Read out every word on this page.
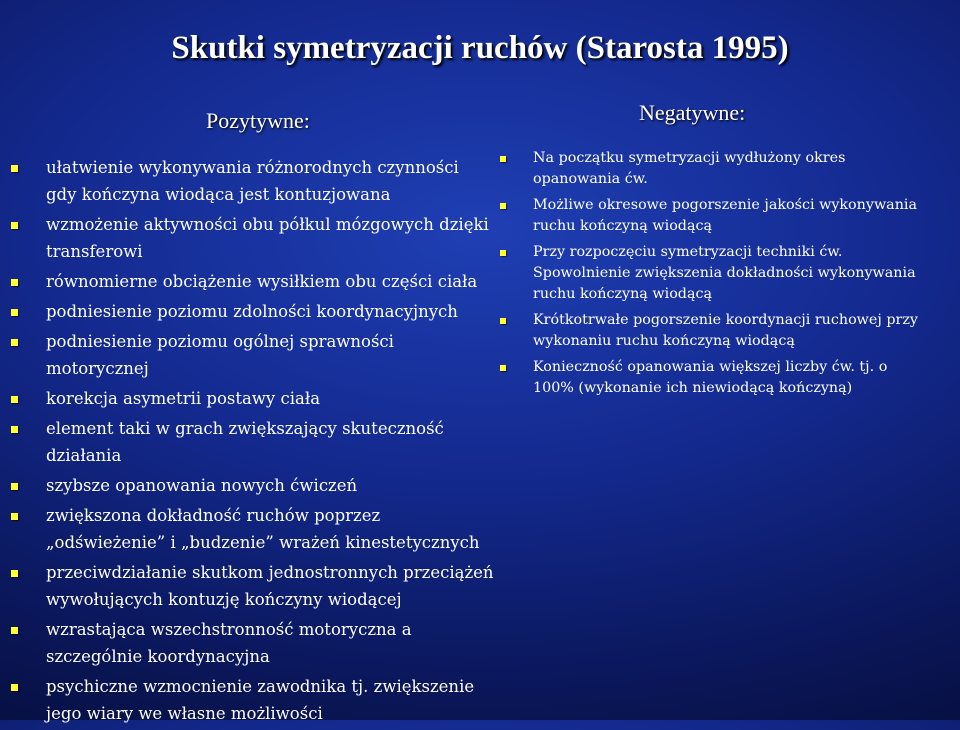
Skutki symetryzacji ruchów (Starosta 1995)
Pozytywne:
ułatwienie wykonywania różnorodnych czynności
gdy kończyna wiodąca jest kontuzjowana
wzmożenie aktywności obu półkul mózgowych dzięki
transferowi
równomierne obciążenie wysiłkiem obu części ciała
podniesienie poziomu zdolności koordynacyjnych
podniesienie poziomu ogólnej sprawności
motorycznej
korekcja asymetrii postawy ciała
element taki w grach zwiększający skuteczność
działania
szybsze opanowania nowych ćwiczeń
zwiększona dokładność ruchów poprzez
„odświeżenie” i „budzenie” wrażeń kinestetycznych
przeciwdziałanie skutkom jednostronnych przeciążeń
wywołujących kontuzję kończyny wiodącej
wzrastająca wszechstronność motoryczna a
szczególnie koordynacyjna
psychiczne wzmocnienie zawodnika tj. zwiększenie
jego wiary we własne możliwości
Negatywne:
Na początku symetryzacji wydłużony okres
opanowania ćw.
Możliwe okresowe pogorszenie jakości wykonywania
ruchu kończyną wiodącą
Przy rozpoczęciu symetryzacji techniki ćw.
Spowolnienie zwiększenia dokładności wykonywania
ruchu kończyną wiodącą
Krótkotrwałe pogorszenie koordynacji ruchowej przy
wykonaniu ruchu kończyną wiodącą
Konieczność opanowania większej liczby ćw. tj. o
100% (wykonanie ich niewiodącą kończyną)
